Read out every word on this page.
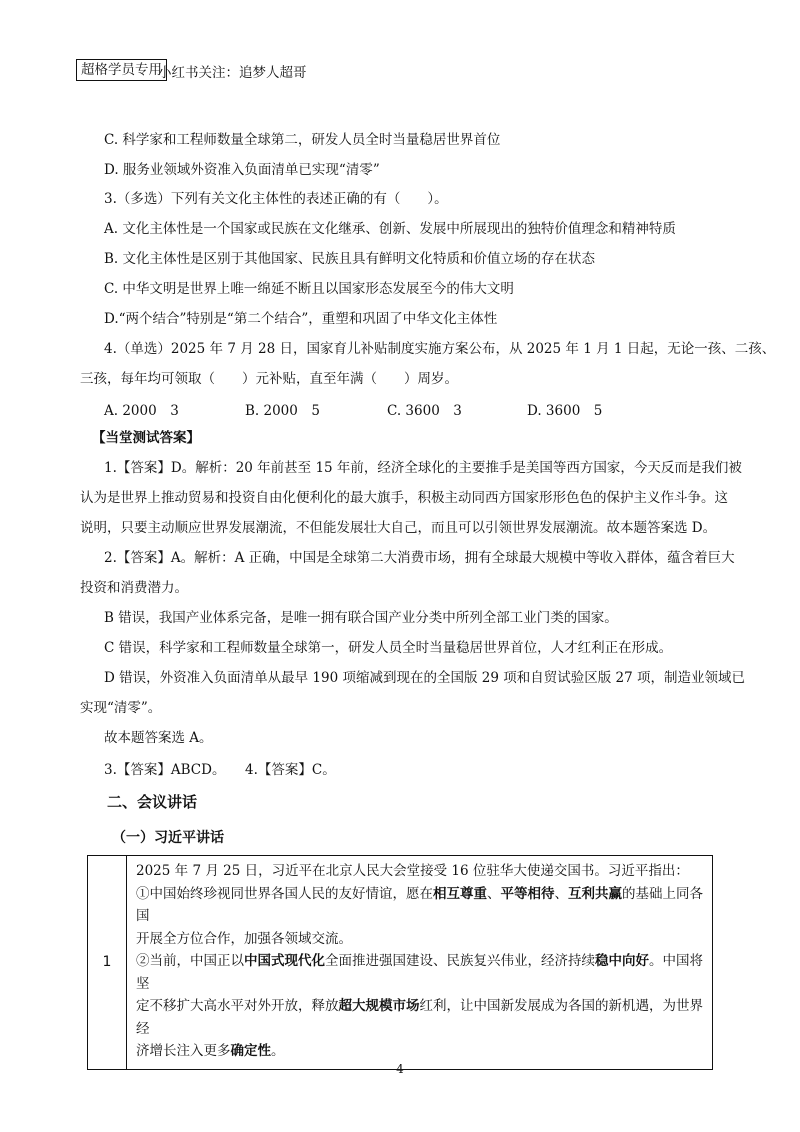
超格学员专用
小红书关注：追梦人超哥
C. 科学家和工程师数量全球第二，研发人员全时当量稳居世界首位
D. 服务业领域外资准入负面清单已实现“清零”
3.（多选）下列有关文化主体性的表述正确的有（　　）。
A. 文化主体性是一个国家或民族在文化继承、创新、发展中所展现出的独特价值理念和精神特质
B. 文化主体性是区别于其他国家、民族且具有鲜明文化特质和价值立场的存在状态
C. 中华文明是世界上唯一绵延不断且以国家形态发展至今的伟大文明
D.“两个结合”特别是“第二个结合”，重塑和巩固了中华文化主体性
4.（单选）2025 年 7 月 28 日，国家育儿补贴制度实施方案公布，从 2025 年 1 月 1 日起，无论一孩、二孩、
三孩，每年均可领取（　　）元补贴，直至年满（　　）周岁。
A. 2000　3	B. 2000　5	C. 3600　3	D. 3600　5
【当堂测试答案】
1.【答案】D。解析：20 年前甚至 15 年前，经济全球化的主要推手是美国等西方国家，今天反而是我们被
认为是世界上推动贸易和投资自由化便利化的最大旗手，积极主动同西方国家形形色色的保护主义作斗争。这
说明，只要主动顺应世界发展潮流，不但能发展壮大自己，而且可以引领世界发展潮流。故本题答案选 D。
2.【答案】A。解析：A 正确，中国是全球第二大消费市场，拥有全球最大规模中等收入群体，蕴含着巨大
投资和消费潜力。
B 错误，我国产业体系完备，是唯一拥有联合国产业分类中所列全部工业门类的国家。
C 错误，科学家和工程师数量全球第一，研发人员全时当量稳居世界首位，人才红利正在形成。
D 错误，外资准入负面清单从最早 190 项缩减到现在的全国版 29 项和自贸试验区版 27 项，制造业领域已
实现“清零”。
故本题答案选 A。
3.【答案】ABCD。 4.【答案】C。
二、会议讲话
（一）习近平讲话
1	
2025 年 7 月 25 日，习近平在北京人民大会堂接受 16 位驻华大使递交国书。习近平指出：
①中国始终珍视同世界各国人民的友好情谊，愿在相互尊重、平等相待、互利共赢的基础上同各国
开展全方位合作，加强各领域交流。
②当前，中国正以中国式现代化全面推进强国建设、民族复兴伟业，经济持续稳中向好。中国将坚
定不移扩大高水平对外开放，释放超大规模市场红利，让中国新发展成为各国的新机遇，为世界经
济增长注入更多确定性。
4
